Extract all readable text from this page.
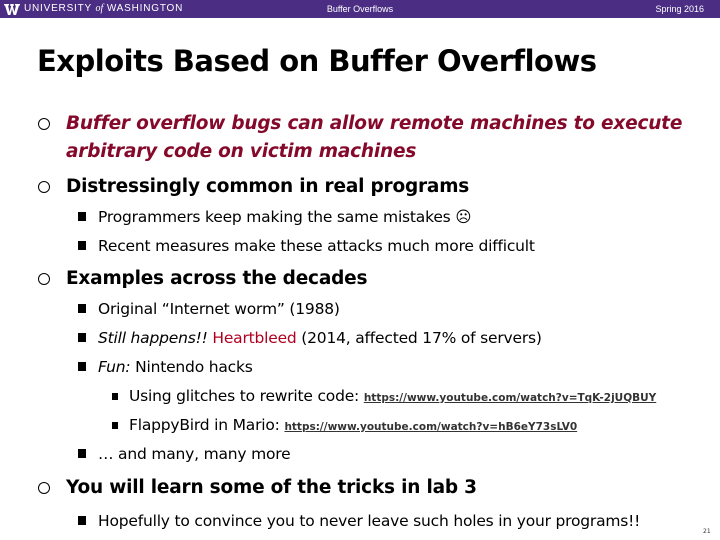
UNIVERSITY of WASHINGTON	Buffer Overflows	Spring 2016
Exploits Based on Buffer Overflows
Buffer overflow bugs can allow remote machines to execute
arbitrary code on victim machines
Distressingly common in real programs
Programmers keep making the same mistakes ☹
Recent measures make these attacks much more difficult
Examples across the decades
Original “Internet worm” (1988)
Still happens!! Heartbleed (2014, affected 17% of servers)
Fun: Nintendo hacks
Using glitches to rewrite code: https://www.youtube.com/watch?v=TqK-2jUQBUY
FlappyBird in Mario: https://www.youtube.com/watch?v=hB6eY73sLV0
… and many, many more
You will learn some of the tricks in lab 3
Hopefully to convince you to never leave such holes in your programs!!
21
